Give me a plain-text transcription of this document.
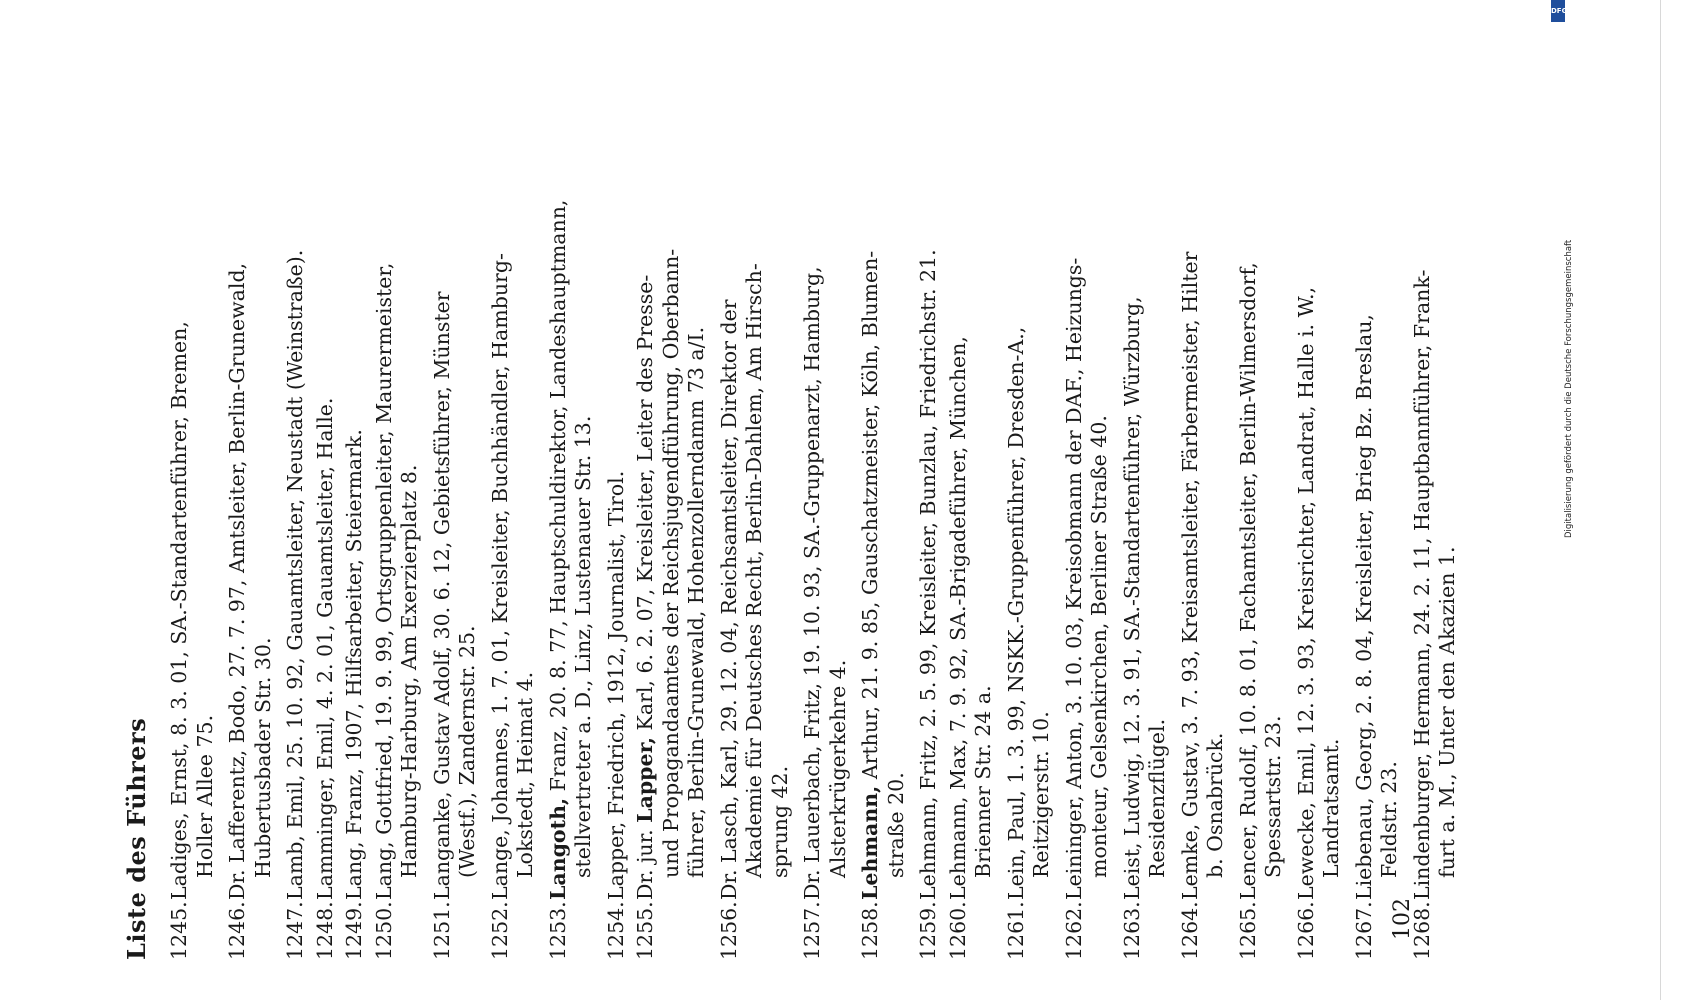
Liste des Führers 1245.
Ladiges, Ernst, 8. 3. 01, SA.-Standartenführer, Bremen, Holler Allee 75.
1246.
Dr. Lafferentz, Bodo, 27. 7. 97, Amtsleiter, Berlin-Grunewald, Hubertusbader Str. 30.
1247.
Lamb, Emil, 25. 10. 92, Gauamtsleiter, Neustadt (Weinstraße).
1248.
Lamminger, Emil, 4. 2. 01, Gauamtsleiter, Halle.
1249.
Lang, Franz, 1907, Hilfsarbeiter, Steiermark.
1250.
Lang, Gottfried, 19. 9. 99, Ortsgruppenleiter, Maurermeister, Hamburg-Harburg, Am Exerzierplatz 8.
1251.
Langanke, Gustav Adolf, 30. 6. 12, Gebietsführer, Münster (Westf.), Zandernstr. 25.
1252.
Lange, Johannes, 1. 7. 01, Kreisleiter, Buchhändler, Hamburg- Lokstedt, Heimat 4.
1253.
Langoth, Franz, 20. 8. 77, Hauptschuldirektor, Landeshauptmann, stellvertreter a. D., Linz, Lustenauer Str. 13.
1254.
Lapper, Friedrich, 1912, Journalist, Tirol.
1255.
Dr. jur. Lapper, Karl, 6. 2. 07, Kreisleiter, Leiter des Presse- und Propagandaamtes der Reichsjugendführung, Oberbann- führer, Berlin-Grunewald, Hohenzollerndamm 73 a/I.
1256.
Dr. Lasch, Karl, 29. 12. 04, Reichsamtsleiter, Direktor der Akademie für Deutsches Recht, Berlin-Dahlem, Am Hirsch- sprung 42.
1257.
Dr. Lauerbach, Fritz, 19. 10. 93, SA.-Gruppenarzt, Hamburg, Alsterkrügerkehre 4.
1258.
Lehmann, Arthur, 21. 9. 85, Gauschatzmeister, Köln, Blumen-
straße 20.
1259.
Lehmann, Fritz, 2. 5. 99, Kreisleiter, Bunzlau, Friedrichstr. 21.
1260.
Lehmann, Max, 7. 9. 92, SA.-Brigadeführer, München, Brienner Str. 24 a.
1261.
Lein, Paul, 1. 3. 99, NSKK.-Gruppenführer, Dresden-A., Reitzigerstr. 10.
1262.
Leininger, Anton, 3. 10. 03, Kreisobmann der DAF., Heizungs- monteur, Gelsenkirchen, Berliner Straße 40.
1263.
Leist, Ludwig, 12. 3. 91, SA.-Standartenführer, Würzburg, Residenzflügel.
1264.
Lemke, Gustav, 3. 7. 93, Kreisamtsleiter, Färbermeister, Hilter b. Osnabrück.
1265.
Lencer, Rudolf, 10. 8. 01, Fachamtsleiter, Berlin-Wilmersdorf, Spessartstr. 23.
1266.
Lewecke, Emil, 12. 3. 93, Kreisrichter, Landrat, Halle i. W., Landratsamt.
1267.
Liebenau, Georg, 2. 8. 04, Kreisleiter, Brieg Bz. Breslau, Feldstr. 23.
1268.
Lindenburger, Hermann, 24. 2. 11, Hauptbannführer, Frank- furt a. M., Unter den Akazien 1.
102
DFG
Digitalisierung gefördert durch die Deutsche Forschungsgemeinschaft
